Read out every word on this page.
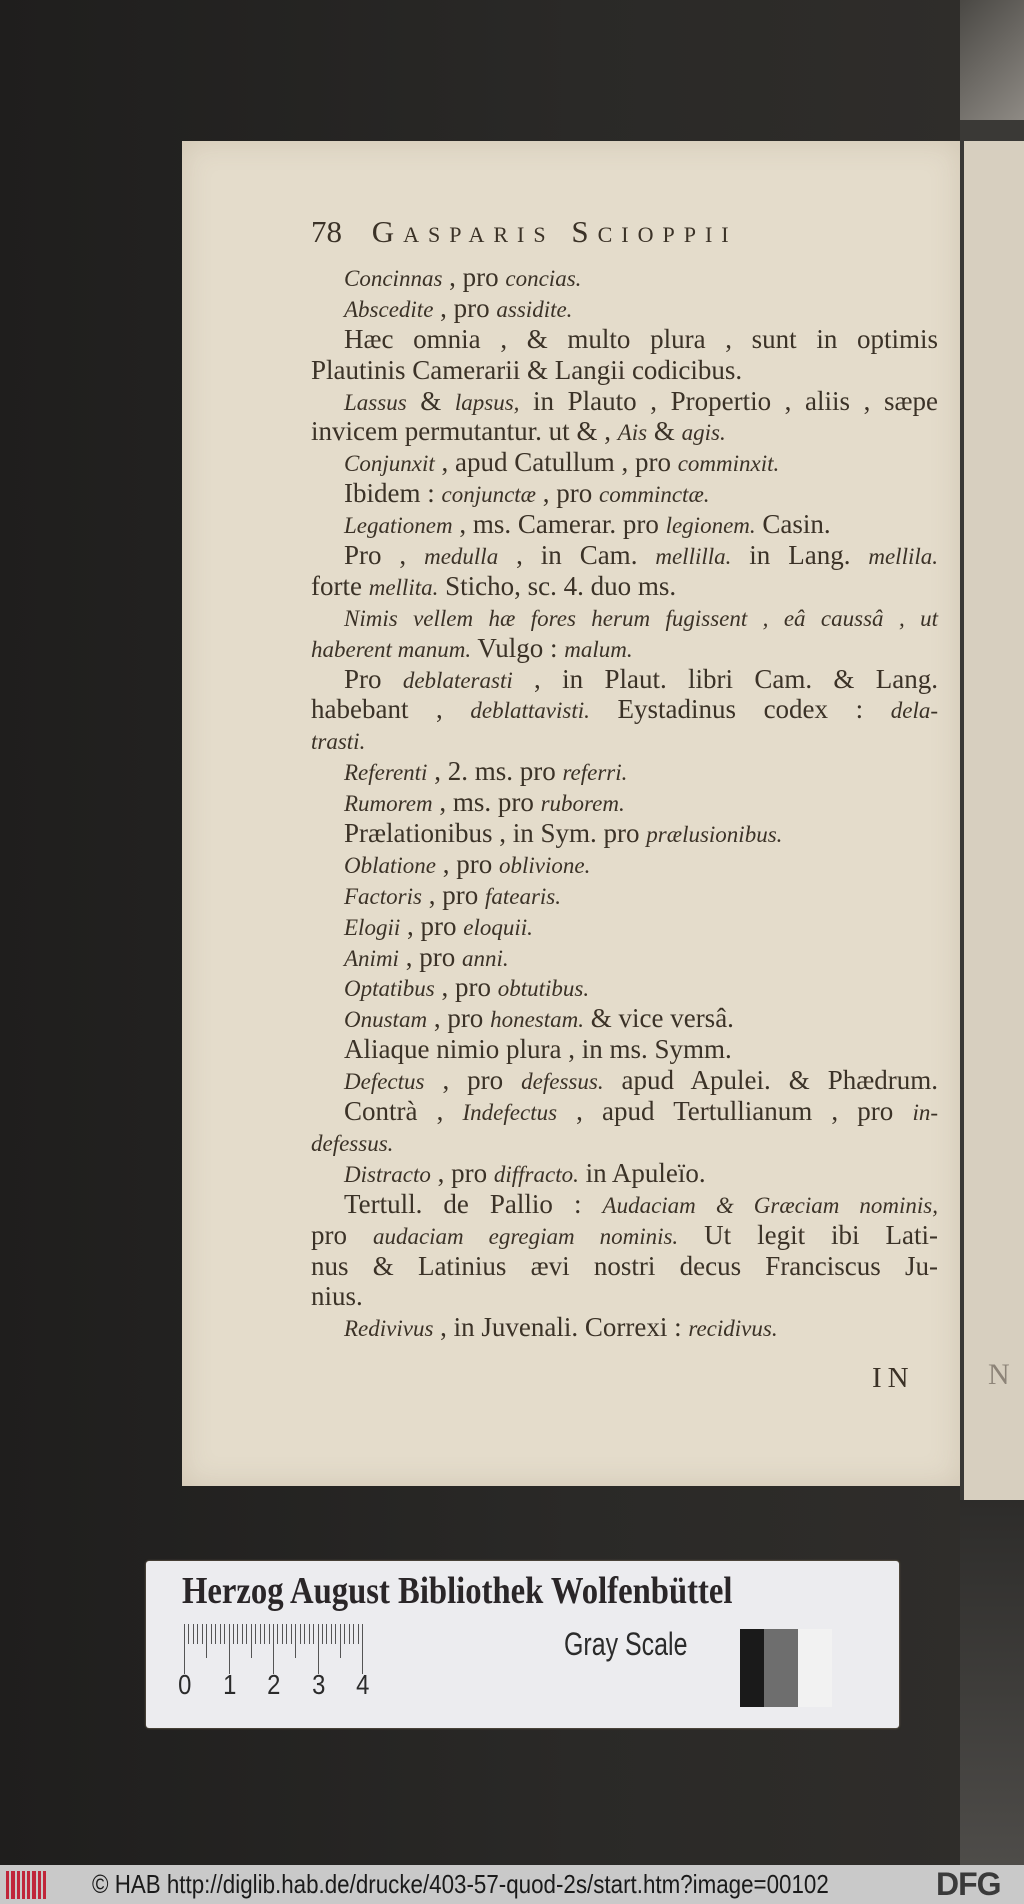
N
78 Gasparis Scioppii
Concinnas , pro concias.
Abscedite , pro assidite.
Hæc omnia , & multo plura , sunt in optimis
Plautinis Camerarii & Langii codicibus.
Lassus & lapsus, in Plauto , Propertio , aliis , sæpe
invicem permutantur. ut & , Ais & agis.
Conjunxit , apud Catullum , pro comminxit.
Ibidem : conjunctæ , pro comminctæ.
Legationem , ms. Camerar. pro legionem. Casin.
Pro , medulla , in Cam. mellilla. in Lang. mellila.
forte mellita. Sticho, sc. 4. duo ms.
Nimis vellem hæ fores herum fugissent , eâ caussâ , ut
haberent manum. Vulgo : malum.
Pro deblaterasti , in Plaut. libri Cam. & Lang.
habebant , deblattavisti. Eystadinus codex : dela-
trasti.
Referenti , 2. ms. pro referri.
Rumorem , ms. pro ruborem.
Prælationibus , in Sym. pro prælusionibus.
Oblatione , pro oblivione.
Factoris , pro fatearis.
Elogii , pro eloquii.
Animi , pro anni.
Optatibus , pro obtutibus.
Onustam , pro honestam. & vice versâ.
Aliaque nimio plura , in ms. Symm.
Defectus , pro defessus. apud Apulei. & Phædrum.
Contrà , Indefectus , apud Tertullianum , pro in-
defessus.
Distracto , pro diffracto. in Apuleïo.
Tertull. de Pallio : Audaciam & Græciam nominis,
pro audaciam egregiam nominis. Ut legit ibi Lati-
nus & Latinius ævi nostri decus Franciscus Ju-
nius.
Redivivus , in Juvenali. Correxi : recidivus.
IN
Herzog August Bibliothek Wolfenbüttel
Gray Scale
0 1 2 3 4
© HAB http://diglib.hab.de/drucke/403-57-quod-2s/start.htm?image=00102	DFG
